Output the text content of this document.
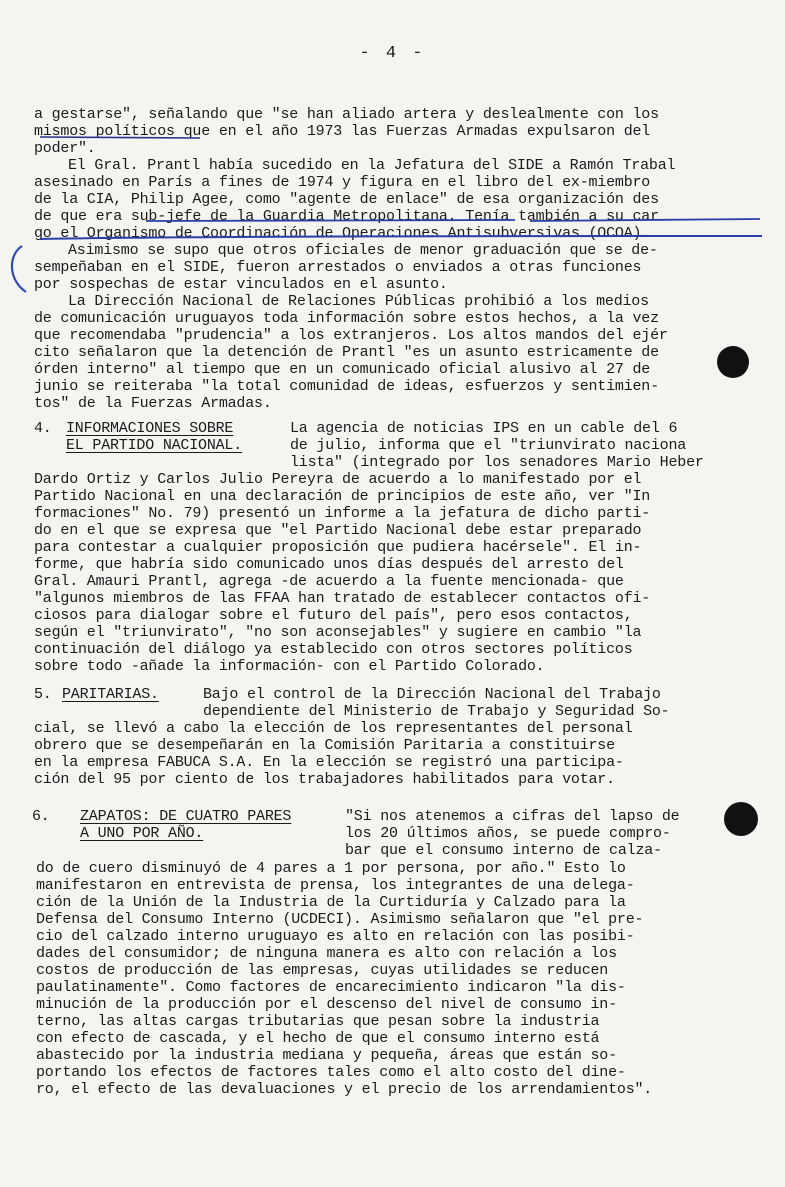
- 4 -
a gestarse", señalando que "se han aliado artera y deslealmente con los
mismos políticos que en el año 1973 las Fuerzas Armadas expulsaron del
poder".
El Gral. Prantl había sucedido en la Jefatura del SIDE a Ramón Trabal
asesinado en París a fines de 1974 y figura en el libro del ex-miembro
de la CIA, Philip Agee, como "agente de enlace" de esa organización des
de que era sub-jefe de la Guardia Metropolitana. Tenía también a su car
go el Organismo de Coordinación de Operaciones Antisubversivas (OCOA).
Asimismo se supo que otros oficiales de menor graduación que se de-
sempeñaban en el SIDE, fueron arrestados o enviados a otras funciones
por sospechas de estar vinculados en el asunto.
La Dirección Nacional de Relaciones Públicas prohibió a los medios
de comunicación uruguayos toda información sobre estos hechos, a la vez
que recomendaba "prudencia" a los extranjeros. Los altos mandos del ejér
cito señalaron que la detención de Prantl "es un asunto estricamente de
órden interno" al tiempo que en un comunicado oficial alusivo al 27 de
junio se reiteraba "la total comunidad de ideas, esfuerzos y sentimien-
tos" de la Fuerzas Armadas.
4. INFORMACIONES SOBRE
EL PARTIDO NACIONAL.
La agencia de noticias IPS en un cable del 6
de julio, informa que el "triunvirato naciona
lista" (integrado por los senadores Mario Heber
Dardo Ortiz y Carlos Julio Pereyra de acuerdo a lo manifestado por el
Partido Nacional en una declaración de principios de este año, ver "In
formaciones" No. 79) presentó un informe a la jefatura de dicho parti-
do en el que se expresa que "el Partido Nacional debe estar preparado
para contestar a cualquier proposición que pudiera hacérsele". El in-
forme, que habría sido comunicado unos días después del arresto del
Gral. Amauri Prantl, agrega -de acuerdo a la fuente mencionada- que
"algunos miembros de las FFAA han tratado de establecer contactos ofi-
ciosos para dialogar sobre el futuro del país", pero esos contactos,
según el "triunvirato", "no son aconsejables" y sugiere en cambio "la
continuación del diálogo ya establecido con otros sectores políticos
sobre todo -añade la información- con el Partido Colorado.
5. PARITARIAS.	Bajo el control de la Dirección Nacional del Trabajo
dependiente del Ministerio de Trabajo y Seguridad So-
cial, se llevó a cabo la elección de los representantes del personal
obrero que se desempeñarán en la Comisión Paritaria a constituirse
en la empresa FABUCA S.A. En la elección se registró una participa-
ción del 95 por ciento de los trabajadores habilitados para votar.
6. ZAPATOS: DE CUATRO PARES
A UNO POR AÑO.
"Si nos atenemos a cifras del lapso de
los 20 últimos años, se puede compro-
bar que el consumo interno de calza-
do de cuero disminuyó de 4 pares a 1 por persona, por año." Esto lo
manifestaron en entrevista de prensa, los integrantes de una delega-
ción de la Unión de la Industria de la Curtiduría y Calzado para la
Defensa del Consumo Interno (UCDECI). Asimismo señalaron que "el pre-
cio del calzado interno uruguayo es alto en relación con las posibi-
dades del consumidor; de ninguna manera es alto con relación a los
costos de producción de las empresas, cuyas utilidades se reducen
paulatinamente". Como factores de encarecimiento indicaron "la dis-
minución de la producción por el descenso del nivel de consumo in-
terno, las altas cargas tributarias que pesan sobre la industria
con efecto de cascada, y el hecho de que el consumo interno está
abastecido por la industria mediana y pequeña, áreas que están so-
portando los efectos de factores tales como el alto costo del dine-
ro, el efecto de las devaluaciones y el precio de los arrendamientos".
